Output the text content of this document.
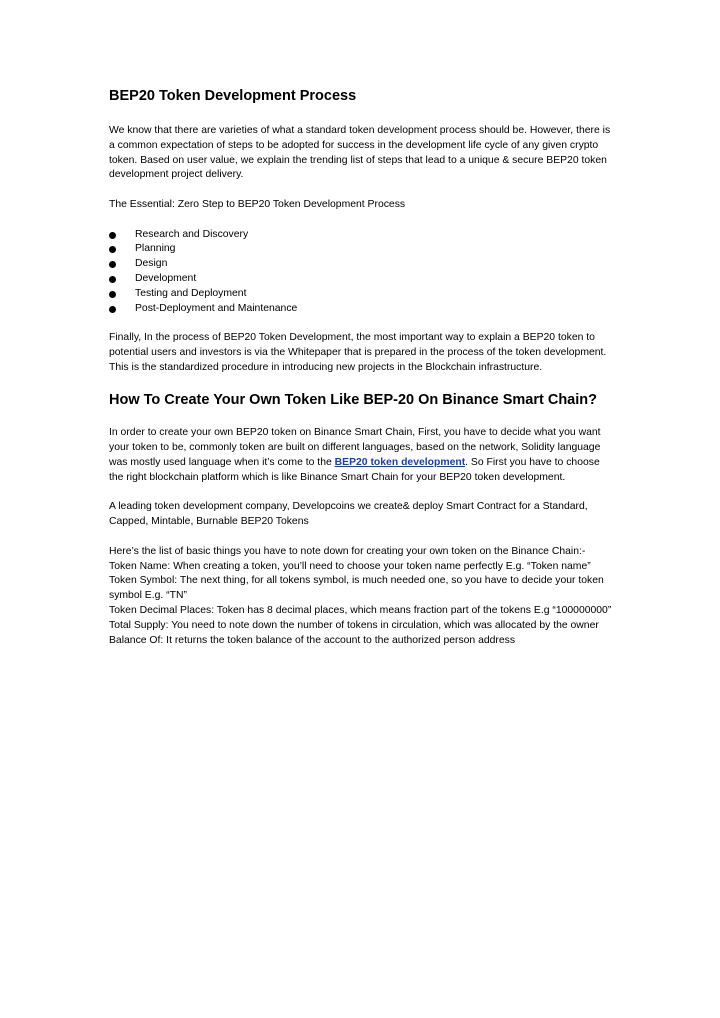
BEP20 Token Development Process

We know that there are varieties of what a standard token development process should be. However, there is a common expectation of steps to be adopted for success in the development life cycle of any given crypto token. Based on user value, we explain the trending list of steps that lead to a unique & secure BEP20 token development project delivery.

The Essential: Zero Step to BEP20 Token Development Process

Research and Discovery
Planning
Design
Development
Testing and Deployment
Post-Deployment and Maintenance

Finally, In the process of BEP20 Token Development, the most important way to explain a BEP20 token to potential users and investors is via the Whitepaper that is prepared in the process of the token development. This is the standardized procedure in introducing new projects in the Blockchain infrastructure.

How To Create Your Own Token Like BEP-20 On Binance Smart Chain?

In order to create your own BEP20 token on Binance Smart Chain, First, you have to decide what you want your token to be, commonly token are built on different languages, based on the network, Solidity language was mostly used language when it’s come to the BEP20 token development. So First you have to choose the right blockchain platform which is like Binance Smart Chain for your BEP20 token development.

A leading token development company, Developcoins we create& deploy Smart Contract for a Standard, Capped, Mintable, Burnable BEP20 Tokens

Here’s the list of basic things you have to note down for creating your own token on the Binance Chain:-
Token Name: When creating a token, you’ll need to choose your token name perfectly E.g. “Token name”
Token Symbol: The next thing, for all tokens symbol, is much needed one, so you have to decide your token symbol E.g. “TN”
Token Decimal Places: Token has 8 decimal places, which means fraction part of the tokens E.g “100000000”
Total Supply: You need to note down the number of tokens in circulation, which was allocated by the owner
Balance Of: It returns the token balance of the account to the authorized person address
